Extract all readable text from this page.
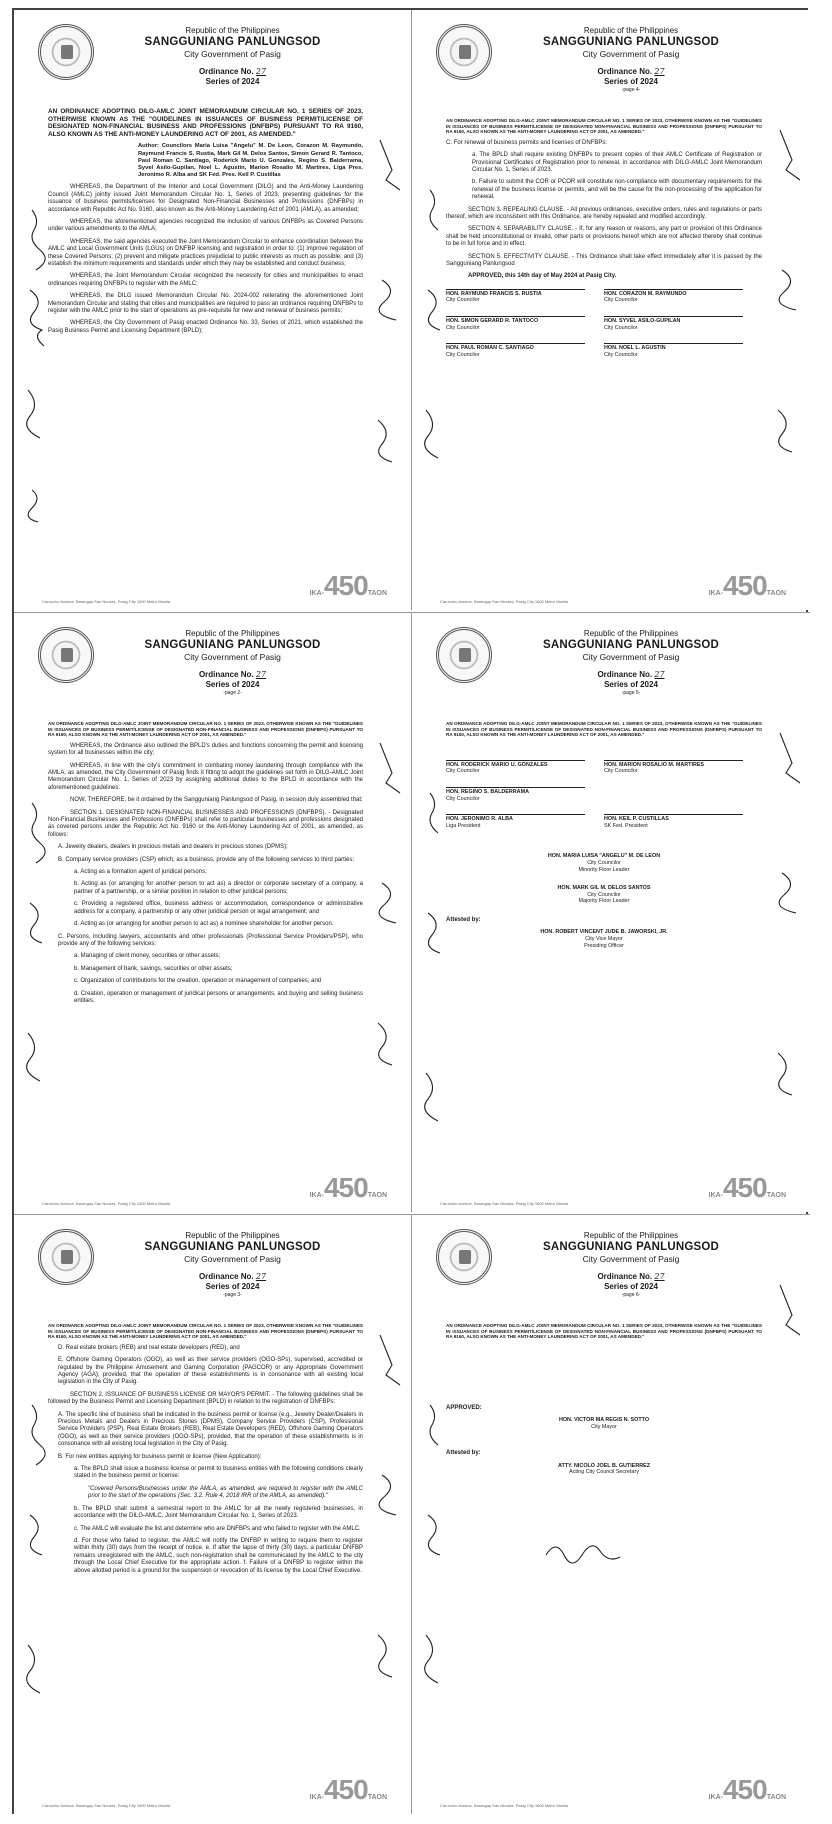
Republic of the Philippines
SANGGUNIANG PANLUNGSOD
City Government of Pasig
Ordinance No. 27
Series of 2024

AN ORDINANCE ADOPTING DILG-AMLC JOINT MEMORANDUM CIRCULAR NO. 1 SERIES OF 2023, OTHERWISE KNOWN AS THE "GUIDELINES IN ISSUANCES OF BUSINESS PERMIT/LICENSE OF DESIGNATED NON-FINANCIAL BUSINESS AND PROFESSIONS (DNFBPS) PURSUANT TO RA 9160, ALSO KNOWN AS THE ANTI-MONEY LAUNDERING ACT OF 2001, AS AMENDED."

Author: Councilors Maria Luisa "Angelu" M. De Leon, Corazon M. Raymundo, Raymund Francis S. Rustia, Mark Gil M. Delos Santos, Simon Gerard R. Tantoco, Paul Roman C. Santiago, Roderick Mario U. Gonzales, Regino S. Balderrama, Syvel Asilo-Gupilan, Noel L. Agustin, Marion Rosalio M. Martires, Liga Pres. Jeronimo R. Alba and SK Fed. Pres. Keil P. Custillas

WHEREAS, the Department of the Interior and Local Government (DILG) and the Anti-Money Laundering Council (AMLC) jointly issued Joint Memorandum Circular No. 1, Series of 2023, presenting guidelines for the issuance of business permits/licenses for Designated Non-Financial Businesses and Professions (DNFBPs) in accordance with Republic Act No. 9160, also known as the Anti-Money Laundering Act of 2001 (AMLA), as amended;

WHEREAS, the aforementioned agencies recognized the inclusion of various DNFBPs as Covered Persons under various amendments to the AMLA;

WHEREAS, the said agencies executed the Joint Memorandum Circular to enhance coordination between the AMLC and Local Government Units (LGUs) on DNFBP licensing and registration in order to: (1) improve regulation of these Covered Persons; (2) prevent and mitigate practices prejudicial to public interests as much as possible; and (3) establish the minimum requirements and standards under which they may be established and conduct business;

WHEREAS, the Joint Memorandum Circular recognized the necessity for cities and municipalities to enact ordinances requiring DNFBPs to register with the AMLC;

WHEREAS, the DILG issued Memorandum Circular No. 2024-002 reiterating the aforementioned Joint Memorandum Circular and stating that cities and municipalities are required to pass an ordinance requiring DNFBPs to register with the AMLC prior to the start of operations as pre-requisite for new and renewal of business permits;

WHEREAS, the City Government of Pasig enacted Ordinance No. 33, Series of 2021, which established the Pasig Business Permit and Licensing Department (BPLD);

Caruncho Avenue, Barangay San Nicolas, Pasig City 1600 Metro Manila
IKA-450TAON
Republic of the Philippines
SANGGUNIANG PANLUNGSOD
City Government of Pasig
Ordinance No. 27
Series of 2024
-page 4-

AN ORDINANCE ADOPTING DILG-AMLC JOINT MEMORANDUM CIRCULAR NO. 1 SERIES OF 2023, OTHERWISE KNOWN AS THE "GUIDELINES IN ISSUANCES OF BUSINESS PERMIT/LICENSE OF DESIGNATED NON-FINANCIAL BUSINESS AND PROFESSIONS (DNFBPS) PURSUANT TO RA 9160, ALSO KNOWN AS THE ANTI-MONEY LAUNDERING ACT OF 2001, AS AMENDED."

C. For renewal of business permits and licenses of DNFBPs:

a. The BPLD shall require existing DNFBPs to present copies of their AMLC Certificate of Registration or Provisional Certificates of Registration prior to renewal, in accordance with DILG-AMLC Joint Memorandum Circular No. 1, Series of 2023.

b. Failure to submit the COR or PCOR will constitute non-compliance with documentary requirements for the renewal of the business license or permits, and will be the cause for the non-processing of the application for renewal.

SECTION 3. REPEALING CLAUSE. - All previous ordinances, executive orders, rules and regulations or parts thereof, which are inconsistent with this Ordinance, are hereby repealed and modified accordingly.

SECTION 4. SEPARABILITY CLAUSE. - If, for any reason or reasons, any part or provision of this Ordinance shall be held unconstitutional or invalid, other parts or provisions hereof which are not affected thereby shall continue to be in full force and in effect.

SECTION 5. EFFECTIVITY CLAUSE. - This Ordinance shall take effect immediately after it is passed by the Sangguniang Panlungsod

APPROVED, this 14th day of May 2024 at Pasig City.

HON. RAYMUND FRANCIS S. RUSTIA
City Councilor
HON. CORAZON M. RAYMUNDO
City Councilor
HON. SIMON GERARD R. TANTOCO
City Councilor
HON. SYVEL ASILO-GUPILAN
City Councilor
HON. PAUL ROMAN C. SANTIAGO
City Councilor
HON. NOEL L. AGUSTIN
City Councilor
Caruncho Avenue, Barangay San Nicolas, Pasig City 1600 Metro Manila
IKA-450TAON
Republic of the Philippines
SANGGUNIANG PANLUNGSOD
City Government of Pasig
Ordinance No. 27
Series of 2024
-page 2-

AN ORDINANCE ADOPTING DILG-AMLC JOINT MEMORANDUM CIRCULAR NO. 1 SERIES OF 2023, OTHERWISE KNOWN AS THE "GUIDELINES IN ISSUANCES OF BUSINESS PERMIT/LICENSE OF DESIGNATED NON-FINANCIAL BUSINESS AND PROFESSIONS (DNFBPS) PURSUANT TO RA 9160, ALSO KNOWN AS THE ANTI-MONEY LAUNDERING ACT OF 2001, AS AMENDED."

WHEREAS, the Ordinance also outlined the BPLD's duties and functions concerning the permit and licensing system for all businesses within the city;

WHEREAS, in line with the city's commitment in combating money laundering through compliance with the AMLA, as amended, the City Government of Pasig finds it fitting to adopt the guidelines set forth in DILG-AMLC Joint Memorandum Circular No. 1, Series of 2023 by assigning additional duties to the BPLD in accordance with the aforementioned guidelines.

NOW, THEREFORE, be it ordained by the Sangguniang Panlungsod of Pasig, in session duly assembled that:

SECTION 1. DESIGNATED NON-FINANCIAL BUSINESSES AND PROFESSIONS (DNFBPS). - Designated Non-Financial Businesses and Professions (DNFBPs) shall refer to particular businesses and professions designated as covered persons under the Republic Act No. 9160 or the Anti-Money Laundering Act of 2001, as amended, as follows:

A. Jewelry dealers, dealers in precious metals and dealers in precious stones (DPMS);

B. Company service providers (CSP) which, as a business, provide any of the following services to third parties:

a. Acting as a formation agent of juridical persons;

b. Acting as (or arranging for another person to act as) a director or corporate secretary of a company, a partner of a partnership, or a similar position in relation to other juridical persons;

c. Providing a registered office, business address or accommodation, correspondence or administrative address for a company, a partnership or any other juridical person or legal arrangement; and

d. Acting as (or arranging for another person to act as) a nominee shareholder for another person.

C. Persons, including lawyers, accountants and other professionals (Professional Service Providers/PSP), who provide any of the following services:

a. Managing of client money, securities or other assets;

b. Management of bank, savings, securities or other assets;

c. Organization of contributions for the creation, operation or management of companies; and

d. Creation, operation or management of juridical persons or arrangements, and buying and selling business entities.

Caruncho Avenue, Barangay San Nicolas, Pasig City 1600 Metro Manila
IKA-450TAON
Republic of the Philippines
SANGGUNIANG PANLUNGSOD
City Government of Pasig
Ordinance No. 27
Series of 2024
-page 5-

AN ORDINANCE ADOPTING DILG-AMLC JOINT MEMORANDUM CIRCULAR NO. 1 SERIES OF 2023, OTHERWISE KNOWN AS THE "GUIDELINES IN ISSUANCES OF BUSINESS PERMIT/LICENSE OF DESIGNATED NON-FINANCIAL BUSINESS AND PROFESSIONS (DNFBPS) PURSUANT TO RA 9160, ALSO KNOWN AS THE ANTI-MONEY LAUNDERING ACT OF 2001, AS AMENDED."

HON. RODERICK MARIO U. GONZALES
City Councilor
HON. MARION ROSALIO M. MARTIRES
City Councilor
HON. REGINO S. BALDERRAMA
City Councilor
HON. JERONIMO R. ALBA
Liga President
HON. KEIL P. CUSTILLAS
SK Fed. President
HON. MARIA LUISA "ANGELU" M. DE LEON
City Councilor
Minority Floor Leader
HON. MARK GIL M. DELOS SANTOS
City Councilor
Majority Floor Leader

Attested by:

HON. ROBERT VINCENT JUDE B. JAWORSKI, JR.
City Vice Mayor
Presiding Officer
Caruncho Avenue, Barangay San Nicolas, Pasig City 1600 Metro Manila
IKA-450TAON
Republic of the Philippines
SANGGUNIANG PANLUNGSOD
City Government of Pasig
Ordinance No. 27
Series of 2024
-page 3-

AN ORDINANCE ADOPTING DILG-AMLC JOINT MEMORANDUM CIRCULAR NO. 1 SERIES OF 2023, OTHERWISE KNOWN AS THE "GUIDELINES IN ISSUANCES OF BUSINESS PERMIT/LICENSE OF DESIGNATED NON-FINANCIAL BUSINESS AND PROFESSIONS (DNFBPS) PURSUANT TO RA 9160, ALSO KNOWN AS THE ANTI-MONEY LAUNDERING ACT OF 2001, AS AMENDED."

D. Real estate brokers (REB) and real estate developers (RED), and

E. Offshore Gaming Operators (OGO), as well as their service providers (OGO-SPs), supervised, accredited or regulated by the Philippine Amusement and Gaming Corporation (PAGCOR) or any Appropriate Government Agency (AGA); provided, that the operation of these establishments is in consonance with all existing local legislation in the City of Pasig.

SECTION 2. ISSUANCE OF BUSINESS LICENSE OR MAYOR'S PERMIT. - The following guidelines shall be followed by the Business Permit and Licensing Department (BPLD) in relation to the registration of DNFBPs:

A. The specific line of business shall be indicated in the business permit or license (e.g., Jewelry Dealer/Dealers in Precious Metals and Dealers in Precious Stones (DPMS), Company Service Providers (CSP), Professional Service Providers (PSP), Real Estate Brokers (REB), Real Estate Developers (RED), Offshore Gaming Operators (OGO), as well as their service providers (OGO-SPs), provided, that the operation of these establishments is in consonance with all existing local legislation in the City of Pasig.

B. For new entities applying for business permit or license (New Application):

a. The BPLD shall issue a business license or permit to business entities with the following conditions clearly stated in the business permit or license:

"Covered Persons/Businesses under the AMLA, as amended, are required to register with the AMLC prior to the start of the operations (Sec. 3.2. Rule 4, 2018 IRR of the AMLA, as amended)."

b. The BPLD shall submit a semestral report to the AMLC for all the newly registered businesses, in accordance with the DILG-AMLC, Joint Memorandum Circular No. 1, Series of 2023.

c. The AMLC will evaluate the list and determine who are DNFBPs and who failed to register with the AMLC.

d. For those who failed to register, the AMLC will notify the DNFBP in writing to require them to register within thirty (30) days from the receipt of notice. e. If after the lapse of thirty (30) days, a particular DNFBP remains unregistered with the AMLC, such non-registration shall be communicated by the AMLC to the city through the Local Chief Executive for the appropriate action. f. Failure of a DNFBP to register within the above allotted period is a ground for the suspension or revocation of its license by the Local Chief Executive.

Caruncho Avenue, Barangay San Nicolas, Pasig City 1600 Metro Manila
IKA-450TAON
Republic of the Philippines
SANGGUNIANG PANLUNGSOD
City Government of Pasig
Ordinance No. 27
Series of 2024
-page 6-

AN ORDINANCE ADOPTING DILG-AMLC JOINT MEMORANDUM CIRCULAR NO. 1 SERIES OF 2023, OTHERWISE KNOWN AS THE "GUIDELINES IN ISSUANCES OF BUSINESS PERMIT/LICENSE OF DESIGNATED NON-FINANCIAL BUSINESS AND PROFESSIONS (DNFBPS) PURSUANT TO RA 9160, ALSO KNOWN AS THE ANTI-MONEY LAUNDERING ACT OF 2001, AS AMENDED."

APPROVED:

HON. VICTOR MA REGIS N. SOTTO
City Mayor

Attested by:

ATTY. NICOLO JOEL B. GUTIERREZ
Acting City Council Secretary
Caruncho Avenue, Barangay San Nicolas, Pasig City 1600 Metro Manila
IKA-450TAON
